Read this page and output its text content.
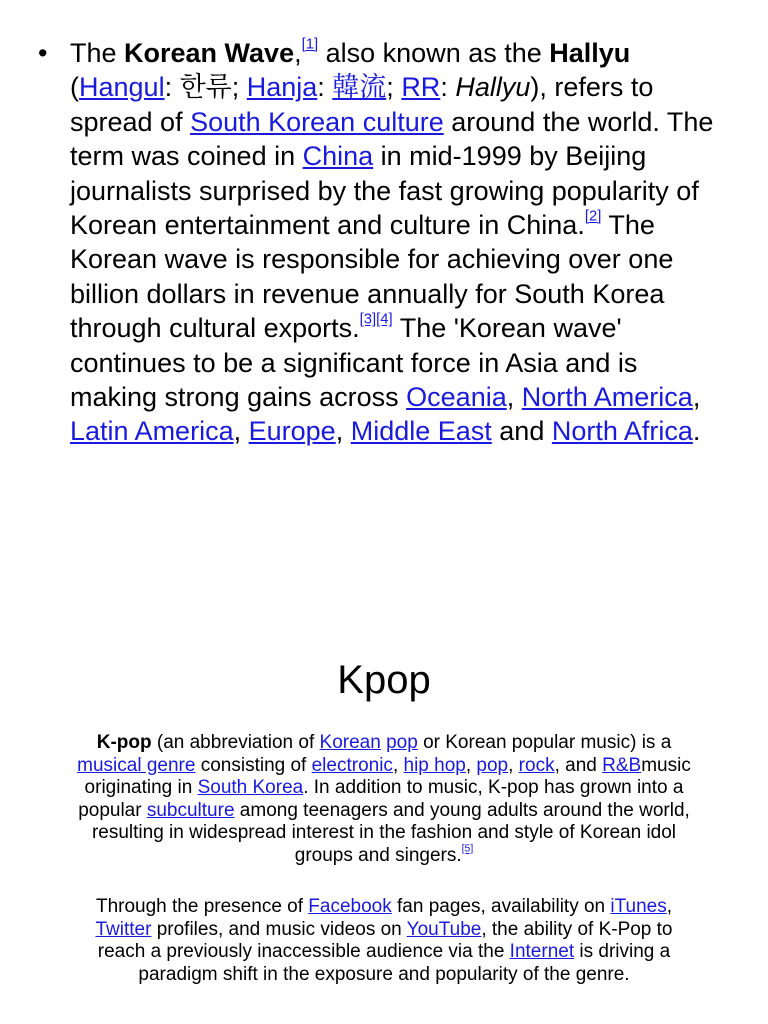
• The Korean Wave,[1] also known as the Hallyu (Hangul: 한류; Hanja: 韓流; RR: Hallyu), refers to spread of South Korean culture around the world. The term was coined in China in mid-1999 by Beijing journalists surprised by the fast growing popularity of Korean entertainment and culture in China.[2] The Korean wave is responsible for achieving over one billion dollars in revenue annually for South Korea through cultural exports.[3][4] The 'Korean wave' continues to be a significant force in Asia and is making strong gains across Oceania, North America, Latin America, Europe, Middle East and North Africa.
Kpop

K-pop (an abbreviation of Korean pop or Korean popular music) is a musical genre consisting of electronic, hip hop, pop, rock, and R&Bmusic originating in South Korea. In addition to music, K-pop has grown into a popular subculture among teenagers and young adults around the world, resulting in widespread interest in the fashion and style of Korean idol groups and singers.[5]

Through the presence of Facebook fan pages, availability on iTunes, Twitter profiles, and music videos on YouTube, the ability of K-Pop to reach a previously inaccessible audience via the Internet is driving a paradigm shift in the exposure and popularity of the genre.
